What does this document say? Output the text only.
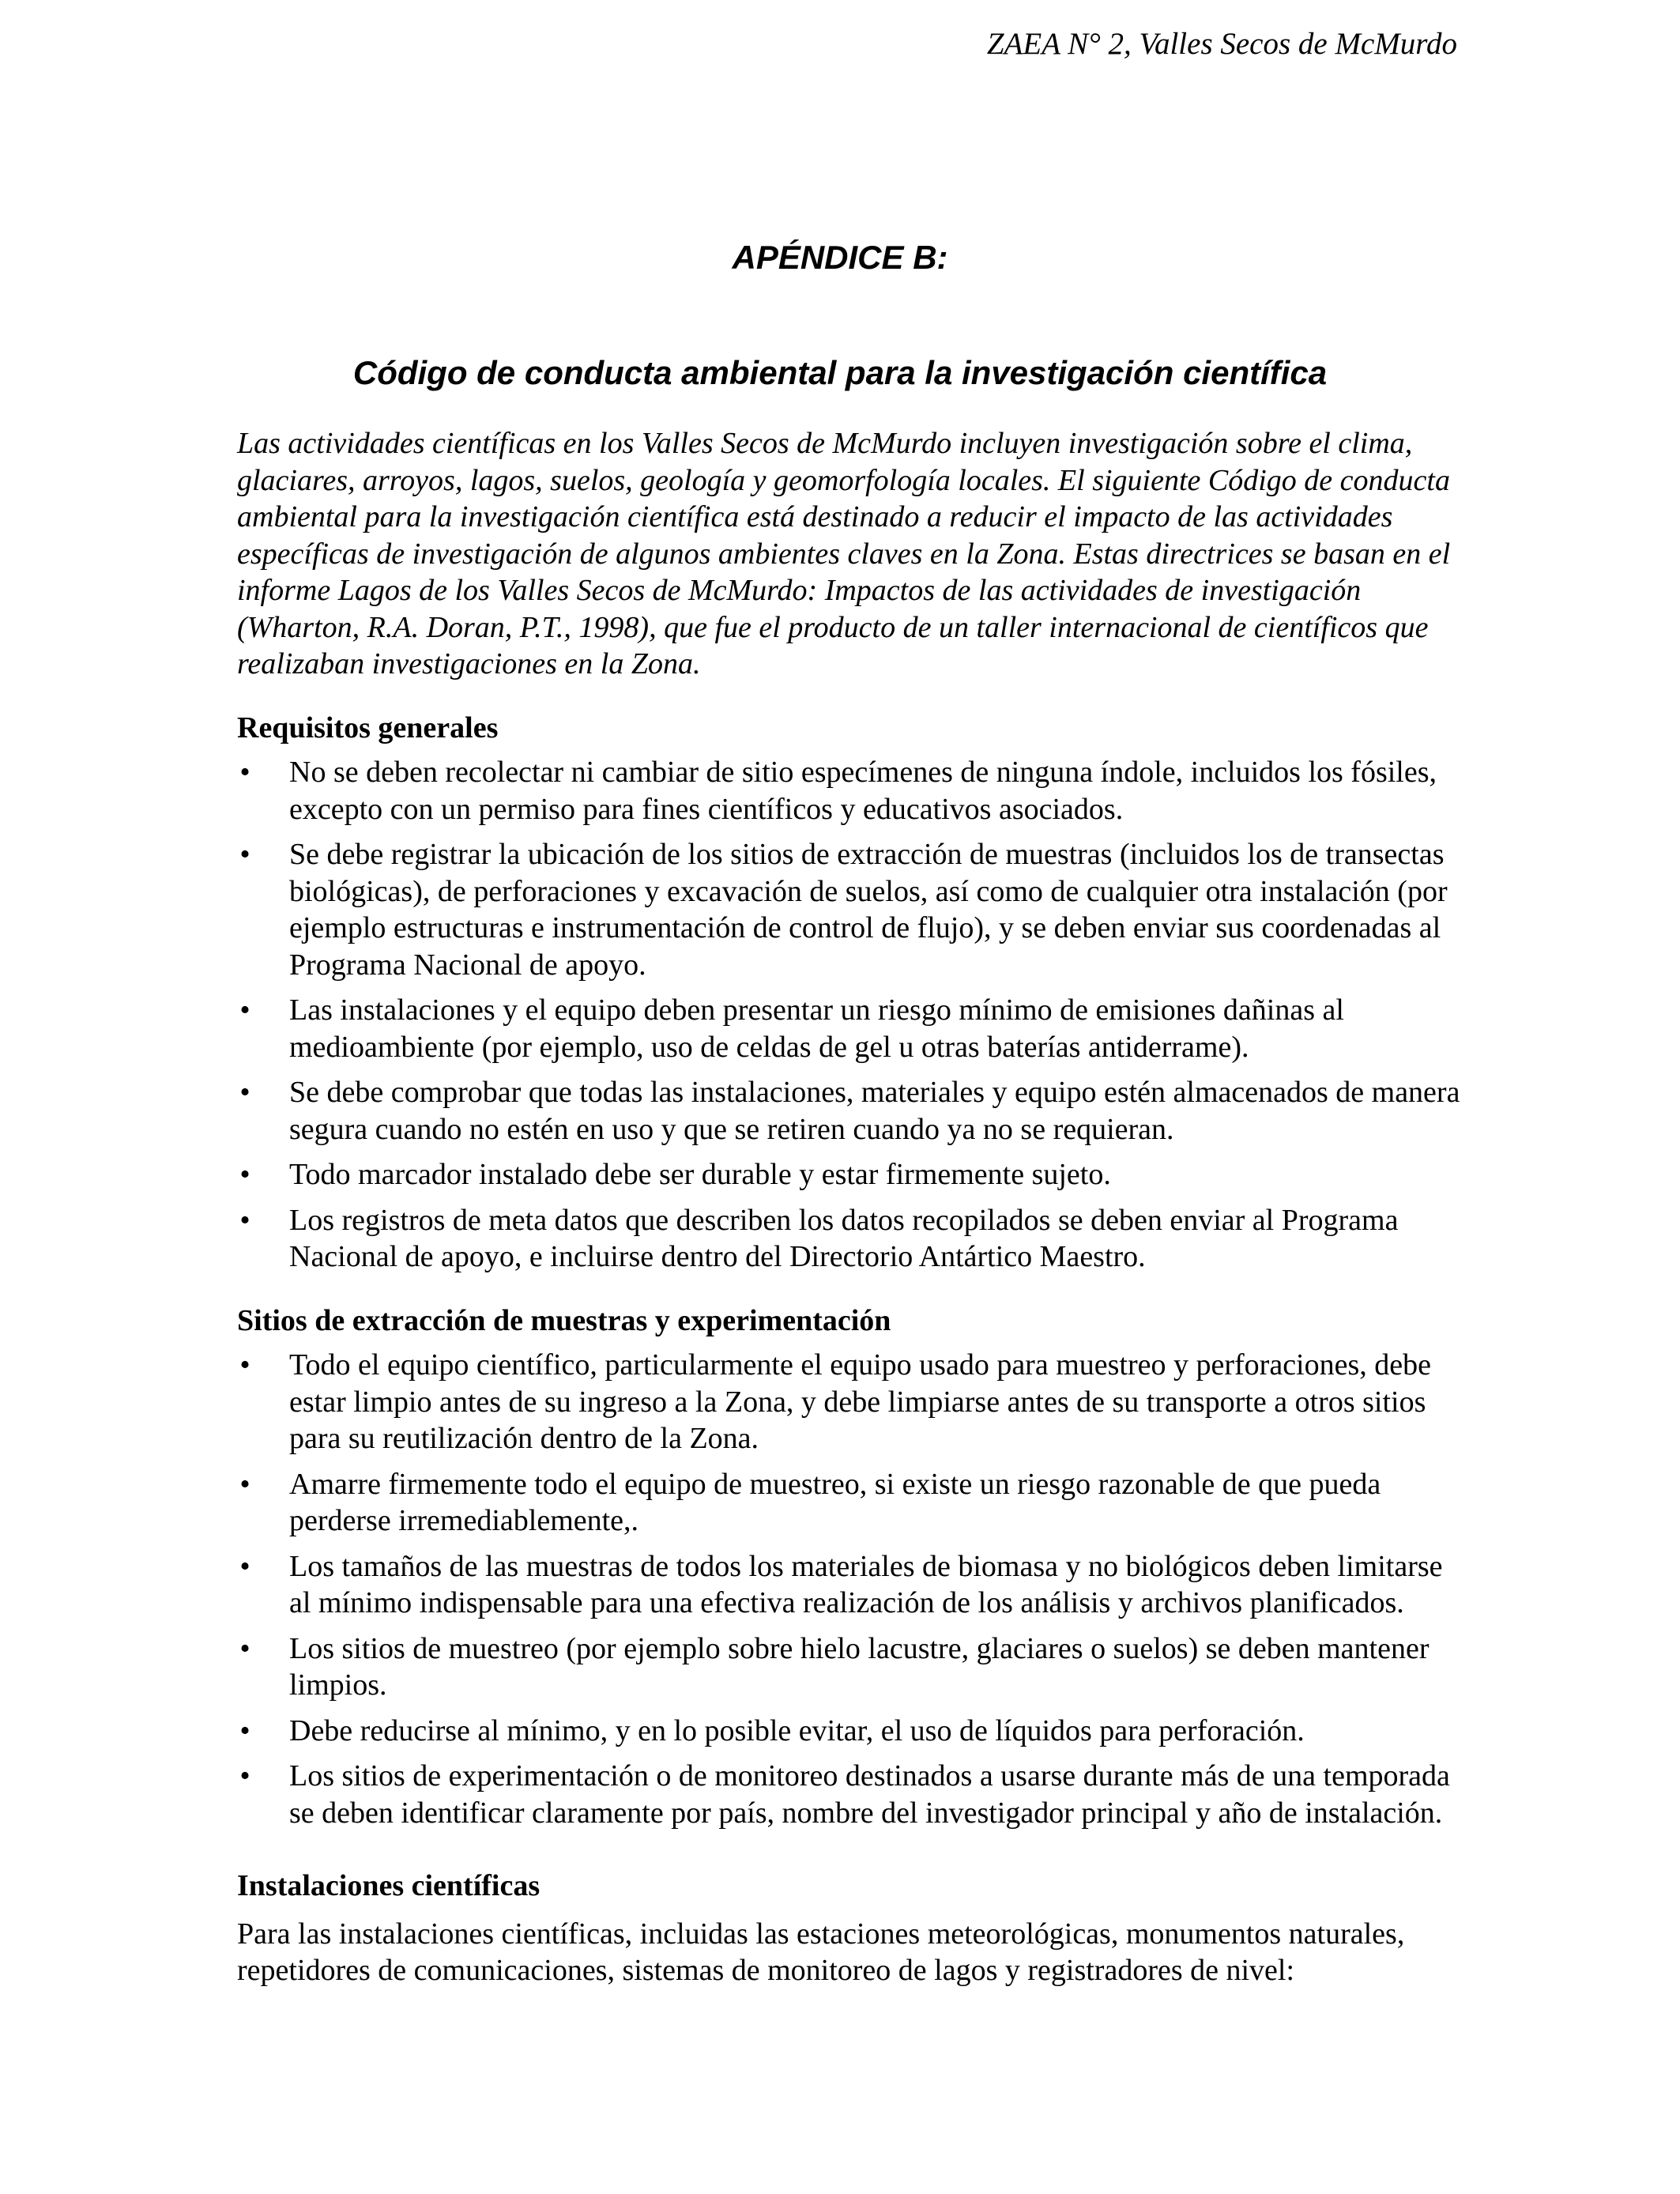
ZAEA N° 2, Valles Secos de McMurdo
APÉNDICE B:
Código de conducta ambiental para la investigación científica

Las actividades científicas en los Valles Secos de McMurdo incluyen investigación sobre el clima, glaciares, arroyos, lagos, suelos, geología y geomorfología locales. El siguiente Código de conducta ambiental para la investigación científica está destinado a reducir el impacto de las actividades específicas de investigación de algunos ambientes claves en la Zona. Estas directrices se basan en el informe Lagos de los Valles Secos de McMurdo: Impactos de las actividades de investigación (Wharton, R.A. Doran, P.T., 1998), que fue el producto de un taller internacional de científicos que realizaban investigaciones en la Zona.

Requisitos generales

• No se deben recolectar ni cambiar de sitio especímenes de ninguna índole, incluidos los fósiles, excepto con un permiso para fines científicos y educativos asociados.
• Se debe registrar la ubicación de los sitios de extracción de muestras (incluidos los de transectas biológicas), de perforaciones y excavación de suelos, así como de cualquier otra instalación (por ejemplo estructuras e instrumentación de control de flujo), y se deben enviar sus coordenadas al Programa Nacional de apoyo.
• Las instalaciones y el equipo deben presentar un riesgo mínimo de emisiones dañinas al medioambiente (por ejemplo, uso de celdas de gel u otras baterías antiderrame).
• Se debe comprobar que todas las instalaciones, materiales y equipo estén almacenados de manera segura cuando no estén en uso y que se retiren cuando ya no se requieran.
• Todo marcador instalado debe ser durable y estar firmemente sujeto.
• Los registros de meta datos que describen los datos recopilados se deben enviar al Programa Nacional de apoyo, e incluirse dentro del Directorio Antártico Maestro.

Sitios de extracción de muestras y experimentación

• Todo el equipo científico, particularmente el equipo usado para muestreo y perforaciones, debe estar limpio antes de su ingreso a la Zona, y debe limpiarse antes de su transporte a otros sitios para su reutilización dentro de la Zona.
• Amarre firmemente todo el equipo de muestreo, si existe un riesgo razonable de que pueda perderse irremediablemente,.
• Los tamaños de las muestras de todos los materiales de biomasa y no biológicos deben limitarse al mínimo indispensable para una efectiva realización de los análisis y archivos planificados.
• Los sitios de muestreo (por ejemplo sobre hielo lacustre, glaciares o suelos) se deben mantener limpios.
• Debe reducirse al mínimo, y en lo posible evitar, el uso de líquidos para perforación.
• Los sitios de experimentación o de monitoreo destinados a usarse durante más de una temporada se deben identificar claramente por país, nombre del investigador principal y año de instalación.

Instalaciones científicas

Para las instalaciones científicas, incluidas las estaciones meteorológicas, monumentos naturales, repetidores de comunicaciones, sistemas de monitoreo de lagos y registradores de nivel:
